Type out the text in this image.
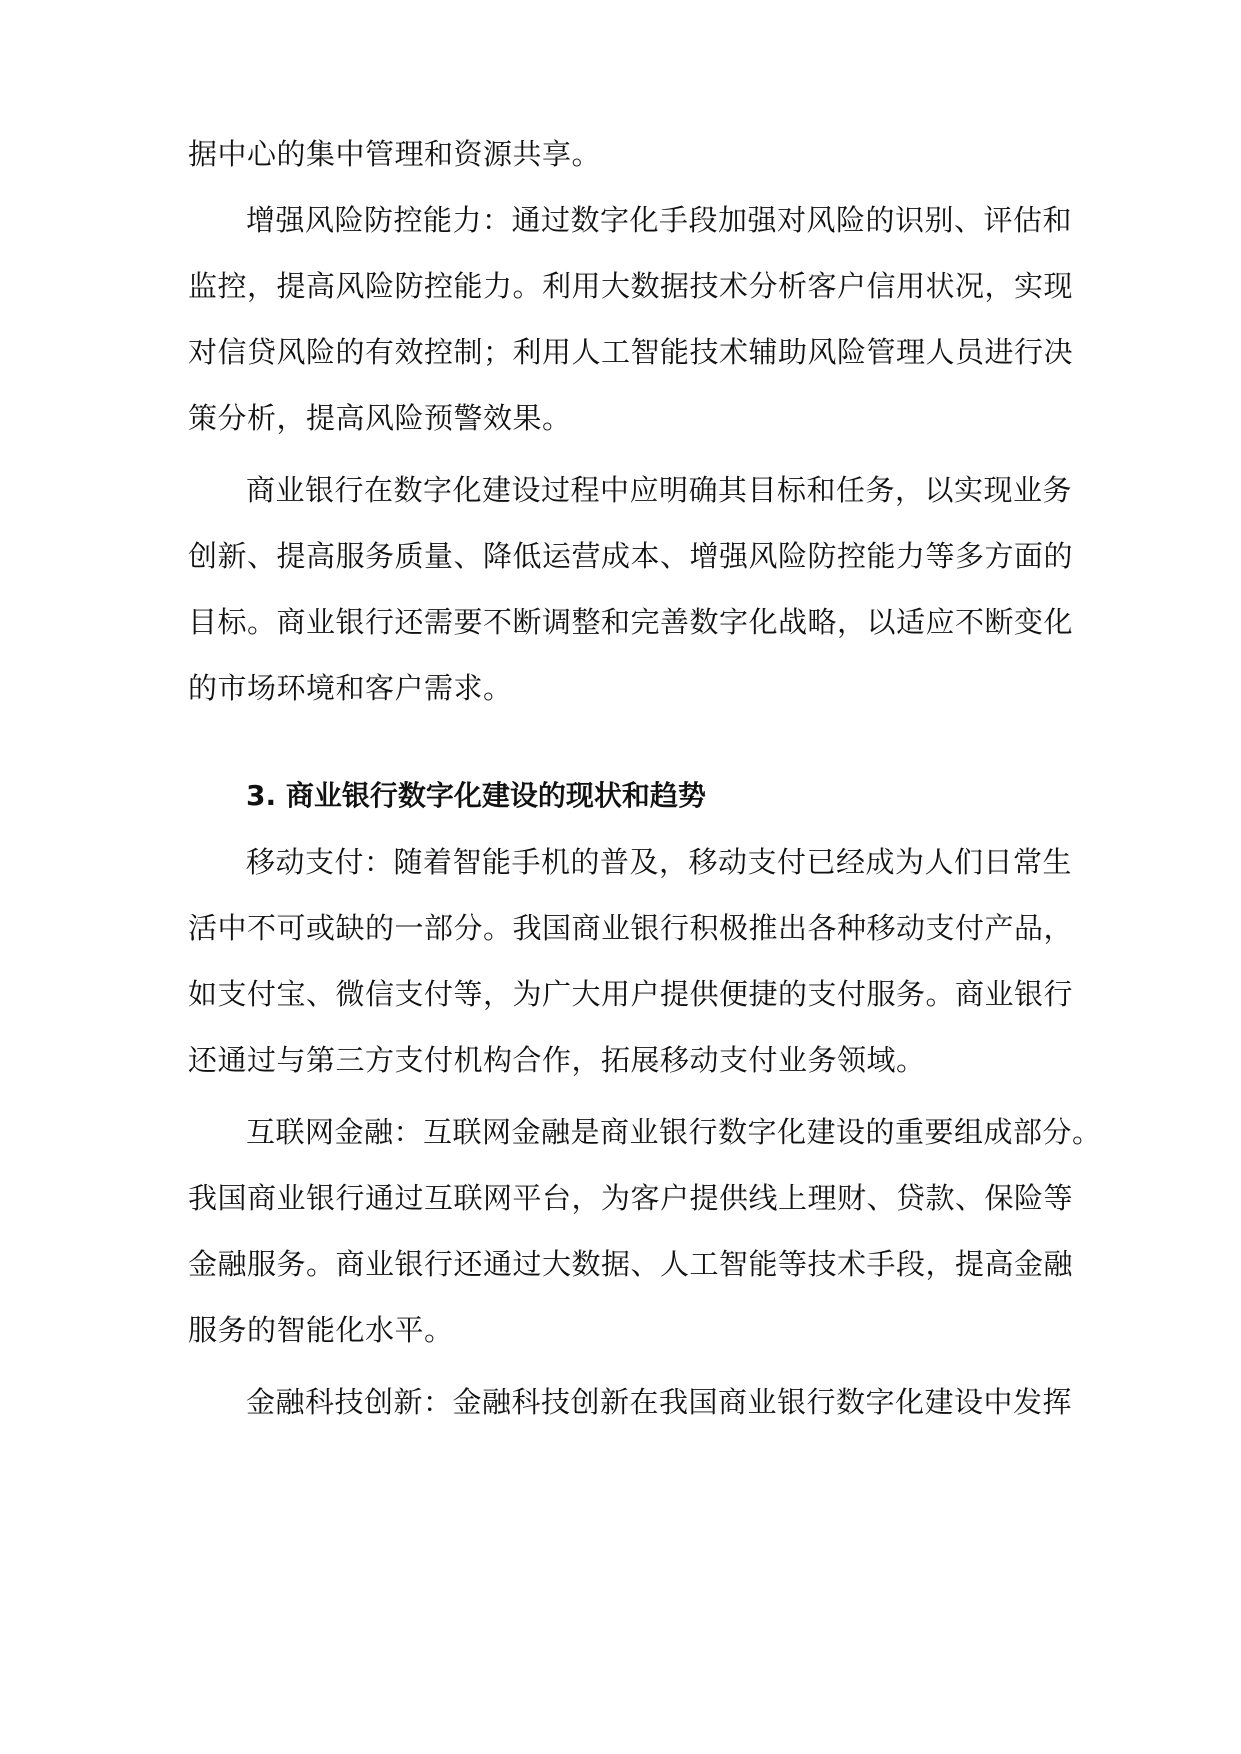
据中心的集中管理和资源共享。
增强风险防控能力：通过数字化手段加强对风险的识别、评估和
监控，提高风险防控能力。利用大数据技术分析客户信用状况，实现
对信贷风险的有效控制；利用人工智能技术辅助风险管理人员进行决
策分析，提高风险预警效果。
商业银行在数字化建设过程中应明确其目标和任务，以实现业务
创新、提高服务质量、降低运营成本、增强风险防控能力等多方面的
目标。商业银行还需要不断调整和完善数字化战略，以适应不断变化
的市场环境和客户需求。
3. 商业银行数字化建设的现状和趋势
移动支付：随着智能手机的普及，移动支付已经成为人们日常生
活中不可或缺的一部分。我国商业银行积极推出各种移动支付产品，
如支付宝、微信支付等，为广大用户提供便捷的支付服务。商业银行
还通过与第三方支付机构合作，拓展移动支付业务领域。
互联网金融：互联网金融是商业银行数字化建设的重要组成部分。
我国商业银行通过互联网平台，为客户提供线上理财、贷款、保险等
金融服务。商业银行还通过大数据、人工智能等技术手段，提高金融
服务的智能化水平。
金融科技创新：金融科技创新在我国商业银行数字化建设中发挥
